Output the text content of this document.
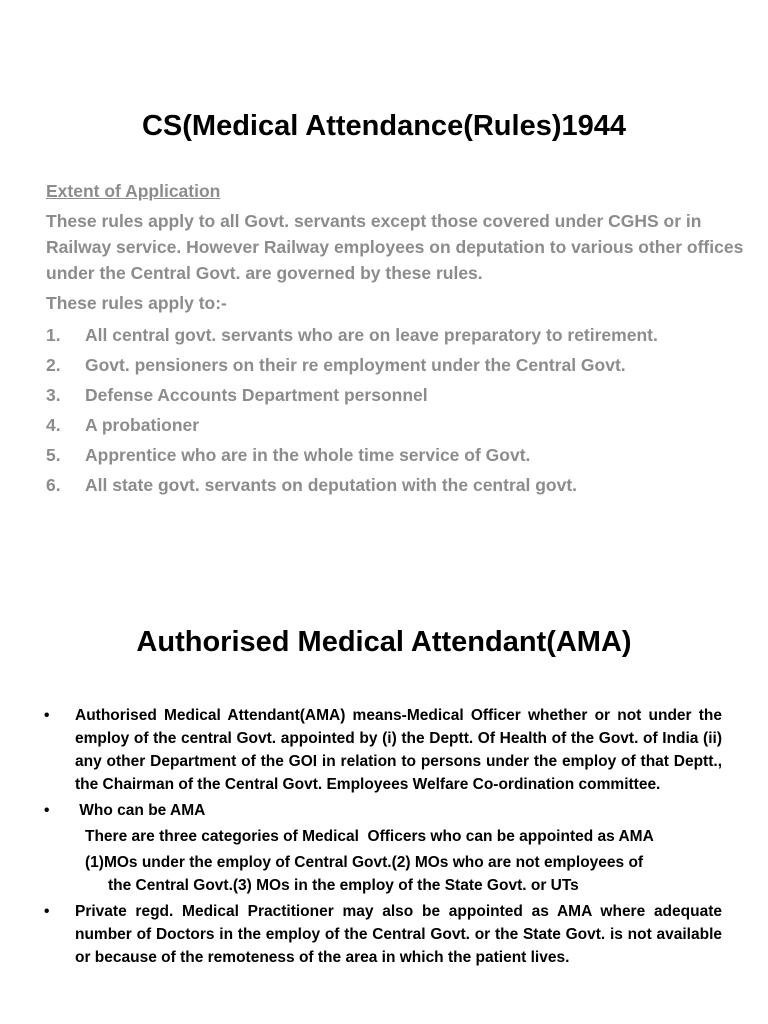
CS(Medical Attendance(Rules)1944
Extent of Application

These rules apply to all Govt. servants except those covered under CGHS or in Railway service. However Railway employees on deputation to various other offices under the Central Govt. are governed by these rules.

These rules apply to:-

1.	All central govt. servants who are on leave preparatory to retirement.
2.	Govt. pensioners on their re employment under the Central Govt.
3.	Defense Accounts Department personnel
4.	A probationer
5.	Apprentice who are in the whole time service of Govt.
6.	All state govt. servants on deputation with the central govt.
Authorised Medical Attendant(AMA)
•	Authorised Medical Attendant(AMA) means-Medical Officer whether or not under the employ of the central Govt. appointed by (i) the Deptt. Of Health of the Govt. of India (ii) any other Department of the GOI in relation to persons under the employ of that Deptt., the Chairman of the Central Govt. Employees Welfare Co-ordination committee.
•	Who can be AMA
There are three categories of Medical  Officers who can be appointed as AMA
(1)MOs under the employ of Central Govt.(2) MOs who are not employees of
the Central Govt.(3) MOs in the employ of the State Govt. or UTs
•	Private regd. Medical Practitioner may also be appointed as AMA where adequate number of Doctors in the employ of the Central Govt. or the State Govt. is not available or because of the remoteness of the area in which the patient lives.
